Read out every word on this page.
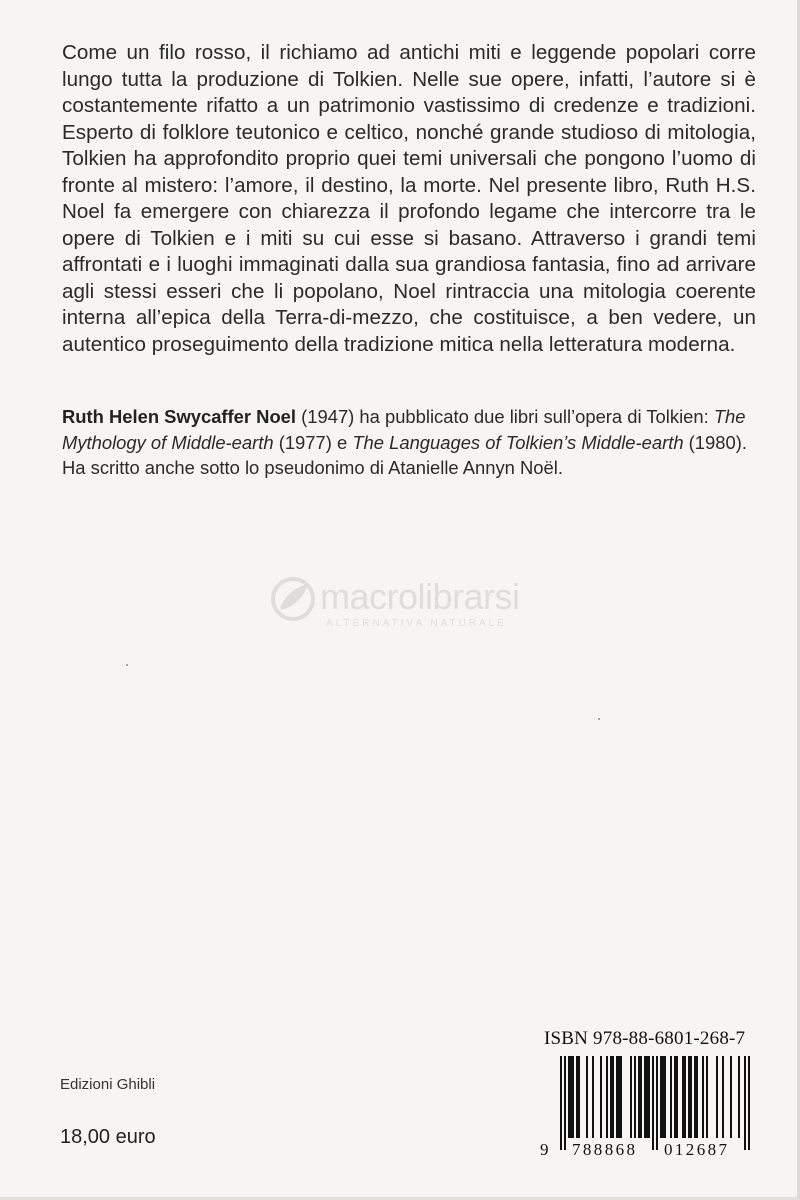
Come un filo rosso, il richiamo ad antichi miti e leggende popolari corre lungo tutta la produzione di Tolkien. Nelle sue opere, infatti, l’autore si è costantemente rifatto a un patrimonio vastissimo di credenze e tradizioni. Esperto di folklore teutonico e celtico, nonché grande studioso di mitologia, Tolkien ha approfondito proprio quei temi universali che pongono l’uomo di fronte al mistero: l’amore, il destino, la morte. Nel presente libro, Ruth H.S. Noel fa emergere con chiarezza il profondo legame che intercorre tra le opere di Tolkien e i miti su cui esse si basano. Attraverso i grandi temi affrontati e i luoghi immaginati dalla sua grandiosa fantasia, fino ad arrivare agli stessi esseri che li popolano, Noel rintraccia una mitologia coerente interna all’epica della Terra-di-mezzo, che costituisce, a ben vedere, un autentico proseguimento della tradizione mitica nella letteratura moderna.

Ruth Helen Swycaffer Noel (1947) ha pubblicato due libri sull’opera di Tolkien: The Mythology of Middle-earth (1977) e The Languages of Tolkien’s Middle-earth (1980). Ha scritto anche sotto lo pseudonimo di Atanielle Annyn Noël.

macrolibrarsi
ALTERNATIVA NATURALE
Edizioni Ghibli
18,00 euro
ISBN 978-88-6801-268-7
9 788868 012687
